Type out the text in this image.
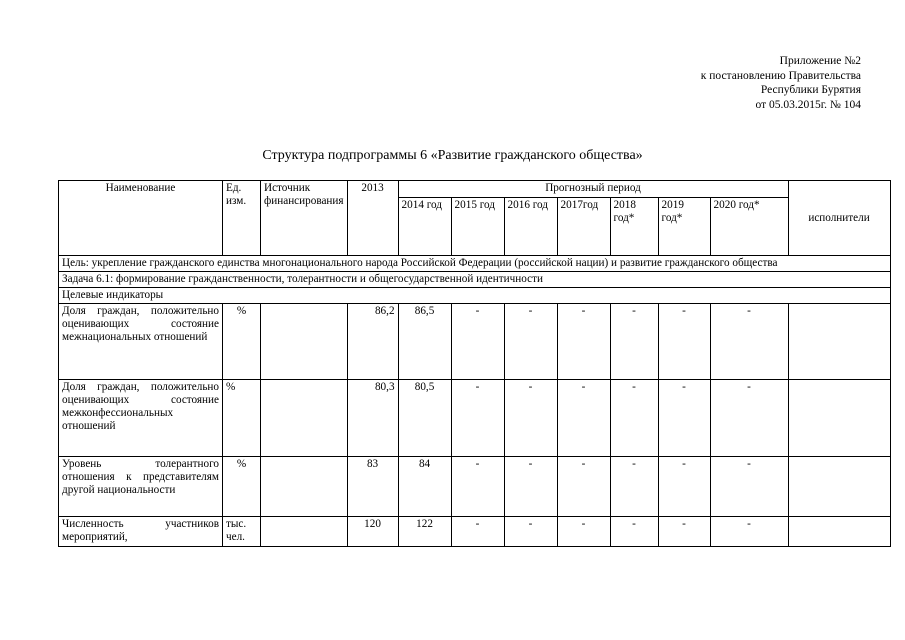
Приложение №2
к постановлению Правительства
Республики Бурятия
от 05.03.2015г. № 104
Структура подпрограммы 6 «Развитие гражданского общества»
Наименование	Ед. изм.	Источник финансирования	2013	Прогнозный период							исполнители
				2014 год	2015 год	2016 год	2017год	2018 год*	2019 год*	2020 год*	
Цель: укрепление гражданского единства многонационального народа Российской Федерации (российской нации) и развитие гражданского общества											
Задача 6.1: формирование гражданственности, толерантности и общегосударственной идентичности											
Целевые индикаторы											
Доля граждан, положительно оценивающих состояние межнациональных отношений	%		86,2	86,5	-	-	-	-	-	-	
Доля граждан, положительно оценивающих состояние межконфессиональных отношений	%		80,3	80,5	-	-	-	-	-	-	
Уровень толерантного отношения к представителям другой национальности	%		83	84	-	-	-	-	-	-	
Численность участников мероприятий,	тыс. чел.		120	122	-	-	-	-	-	-	
